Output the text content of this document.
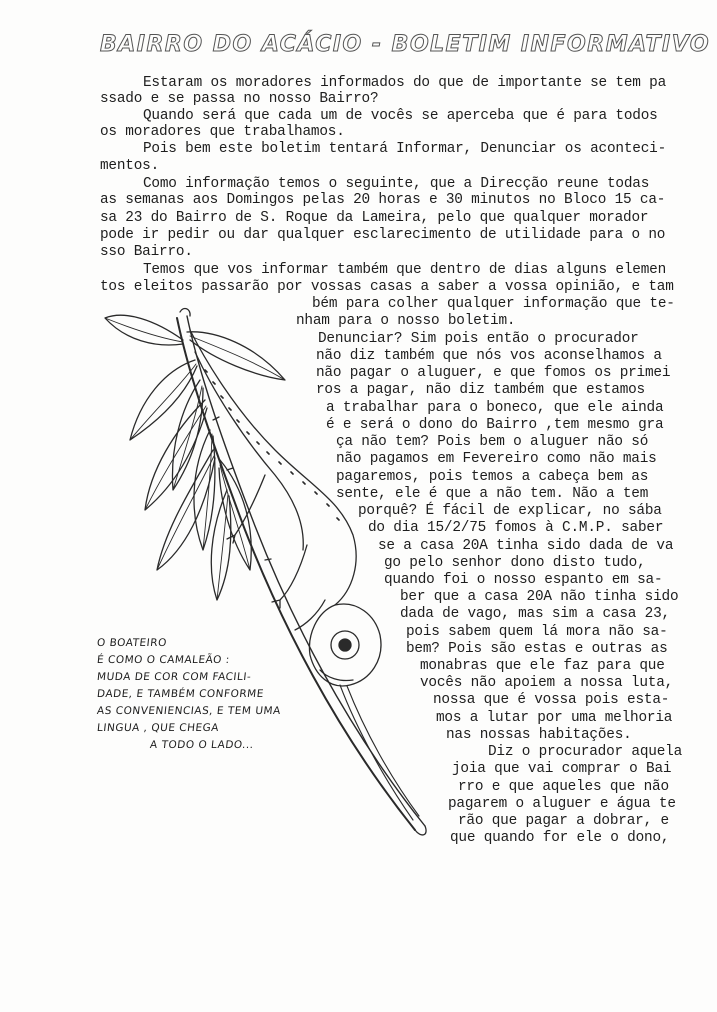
BAIRRO DO ACÁCIO - BOLETIM INFORMATIVO
Estaram os moradores informados do que de importante se tem pa
ssado e se passa no nosso Bairro?
Quando será que cada um de vocês se aperceba que é para todos
os moradores que trabalhamos.
Pois bem este boletim tentará Informar, Denunciar os aconteci-
mentos.
Como informação temos o seguinte, que a Direcção reune todas
as semanas aos Domingos pelas 20 horas e 30 minutos no Bloco 15 ca-
sa 23 do Bairro de S. Roque da Lameira, pelo que qualquer morador
pode ir pedir ou dar qualquer esclarecimento de utilidade para o no
sso Bairro.
Temos que vos informar também que dentro de dias alguns elemen
tos eleitos passarão por vossas casas a saber a vossa opinião, e tam
bém para colher qualquer informação que te-
nham para o nosso boletim.
Denunciar? Sim pois então o procurador
não diz também que nós vos aconselhamos a
não pagar o aluguer, e que fomos os primei
ros a pagar, não diz também que estamos
a trabalhar para o boneco, que ele ainda
é e será o dono do Bairro ,tem mesmo gra
ça não tem? Pois bem o aluguer não só
não pagamos em Fevereiro como não mais
pagaremos, pois temos a cabeça bem as
sente, ele é que a não tem. Não a tem
porquê? É fácil de explicar, no sába
do dia 15/2/75 fomos à C.M.P. saber
se a casa 20A tinha sido dada de va
go pelo senhor dono disto tudo,
quando foi o nosso espanto em sa-
ber que a casa 20A não tinha sido
dada de vago, mas sim a casa 23,
pois sabem quem lá mora não sa-
bem? Pois são estas e outras as
monabras que ele faz para que
vocês não apoiem a nossa luta,
nossa que é vossa pois esta-
mos a lutar por uma melhoria
nas nossas habitações.
Diz o procurador aquela
joia que vai comprar o Bai
rro e que aqueles que não
pagarem o aluguer e água te
rão que pagar a dobrar, e
que quando for ele o dono,
O BOATEIRO
É COMO O CAMALEÃO :
MUDA DE COR COM FACILI-
DADE, E TAMBÉM CONFORME
AS CONVENIENCIAS, E TEM UMA
LINGUA , QUE CHEGA
A TODO O LADO...
